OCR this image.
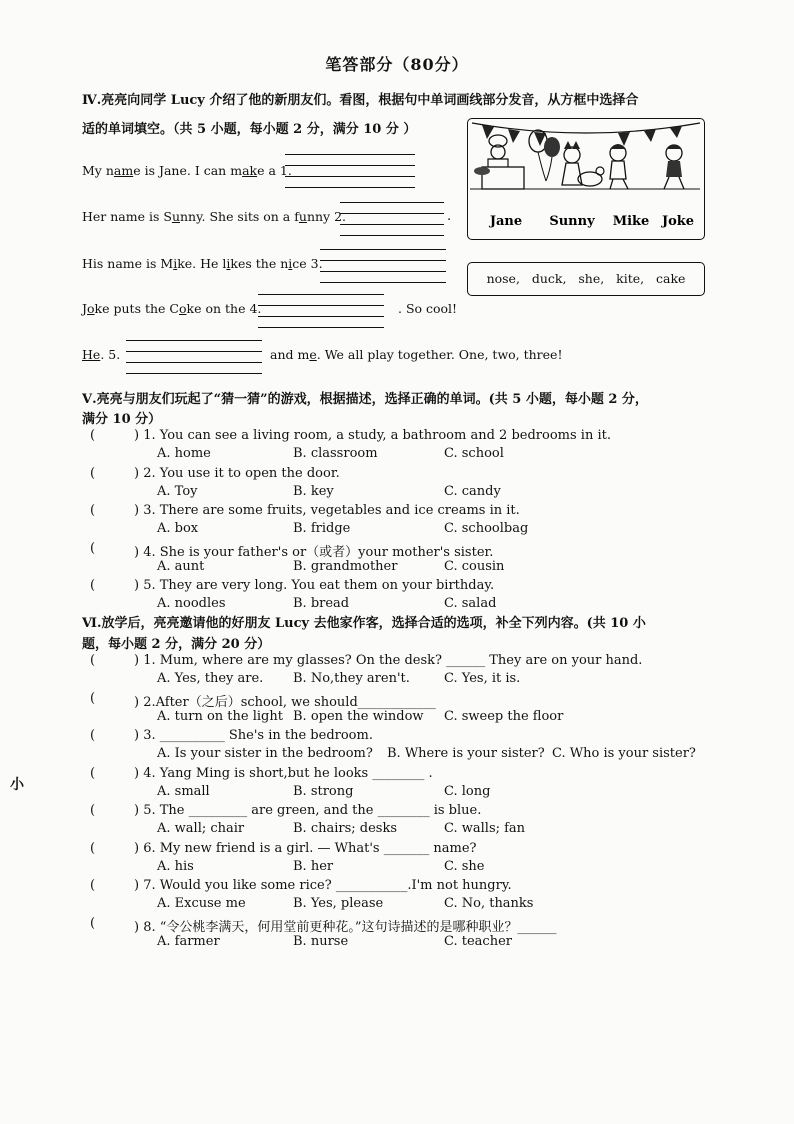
笔答部分（80分）
Ⅳ.亮亮向同学 Lucy 介绍了他的新朋友们。看图，根据句中单词画线部分发音，从方框中选择合
适的单词填空。（共 5 小题，每小题 2 分，满分 10 分 ）
My name is Jane. I can make a 1.
Her name is Sunny. She sits on a funny 2.	.
His name is Mike. He likes the nice 3.
Joke puts the Coke on the 4.	. So cool!
He. 5.	and me. We all play together. One, two, three!
Jane Sunny Mike Joke
nose,   duck,   she,   kite,   cake
Ⅴ.亮亮与朋友们玩起了“猜一猜”的游戏，根据描述，选择正确的单词。(共 5 小题，每小题 2 分，
满分 10 分）
(	) 1. You can see a living room, a study, a bathroom and 2 bedrooms in it.
A. home	B. classroom	C. school
(	) 2. You use it to open the door.
A. Toy	B. key	C. candy
(	) 3. There are some fruits, vegetables and ice creams in it.
A. box	B. fridge	C. schoolbag
(	) 4. She is your father's or（或者）your mother's sister.
A. aunt	B. grandmother	C. cousin
(	) 5. They are very long. You eat them on your birthday.
A. noodles	B. bread	C. salad
Ⅵ.放学后，亮亮邀请他的好朋友 Lucy 去他家作客，选择合适的选项，补全下列内容。(共 10 小
题，每小题 2 分，满分 20 分）
(	) 1. Mum, where are my glasses? On the desk? ______ They are on your hand.
A. Yes, they are. B. No,they aren't.	C. Yes, it is.
(	) 2.After（之后）school, we should____________
A. turn on the light B. open the window C. sweep the floor
(	) 3. __________ She's in the bedroom.
A. Is your sister in the bedroom? B. Where is your sister? C. Who is your sister?
(	) 4. Yang Ming is short,but he looks ________ .
A. small	B. strong	C. long
(	) 5. The _________ are green, and the ________ is blue.
A. wall; chair	B. chairs; desks	C. walls; fan
(	) 6. My new friend is a girl. — What's _______ name?
A. his	B. her	C. she
(	) 7. Would you like some rice? ___________.I'm not hungry.
A. Excuse me	B. Yes, please	C. No, thanks
(	) 8. “令公桃李满天，何用堂前更种花。”这句诗描述的是哪种职业？______
A. farmer	B. nurse	C. teacher
小
